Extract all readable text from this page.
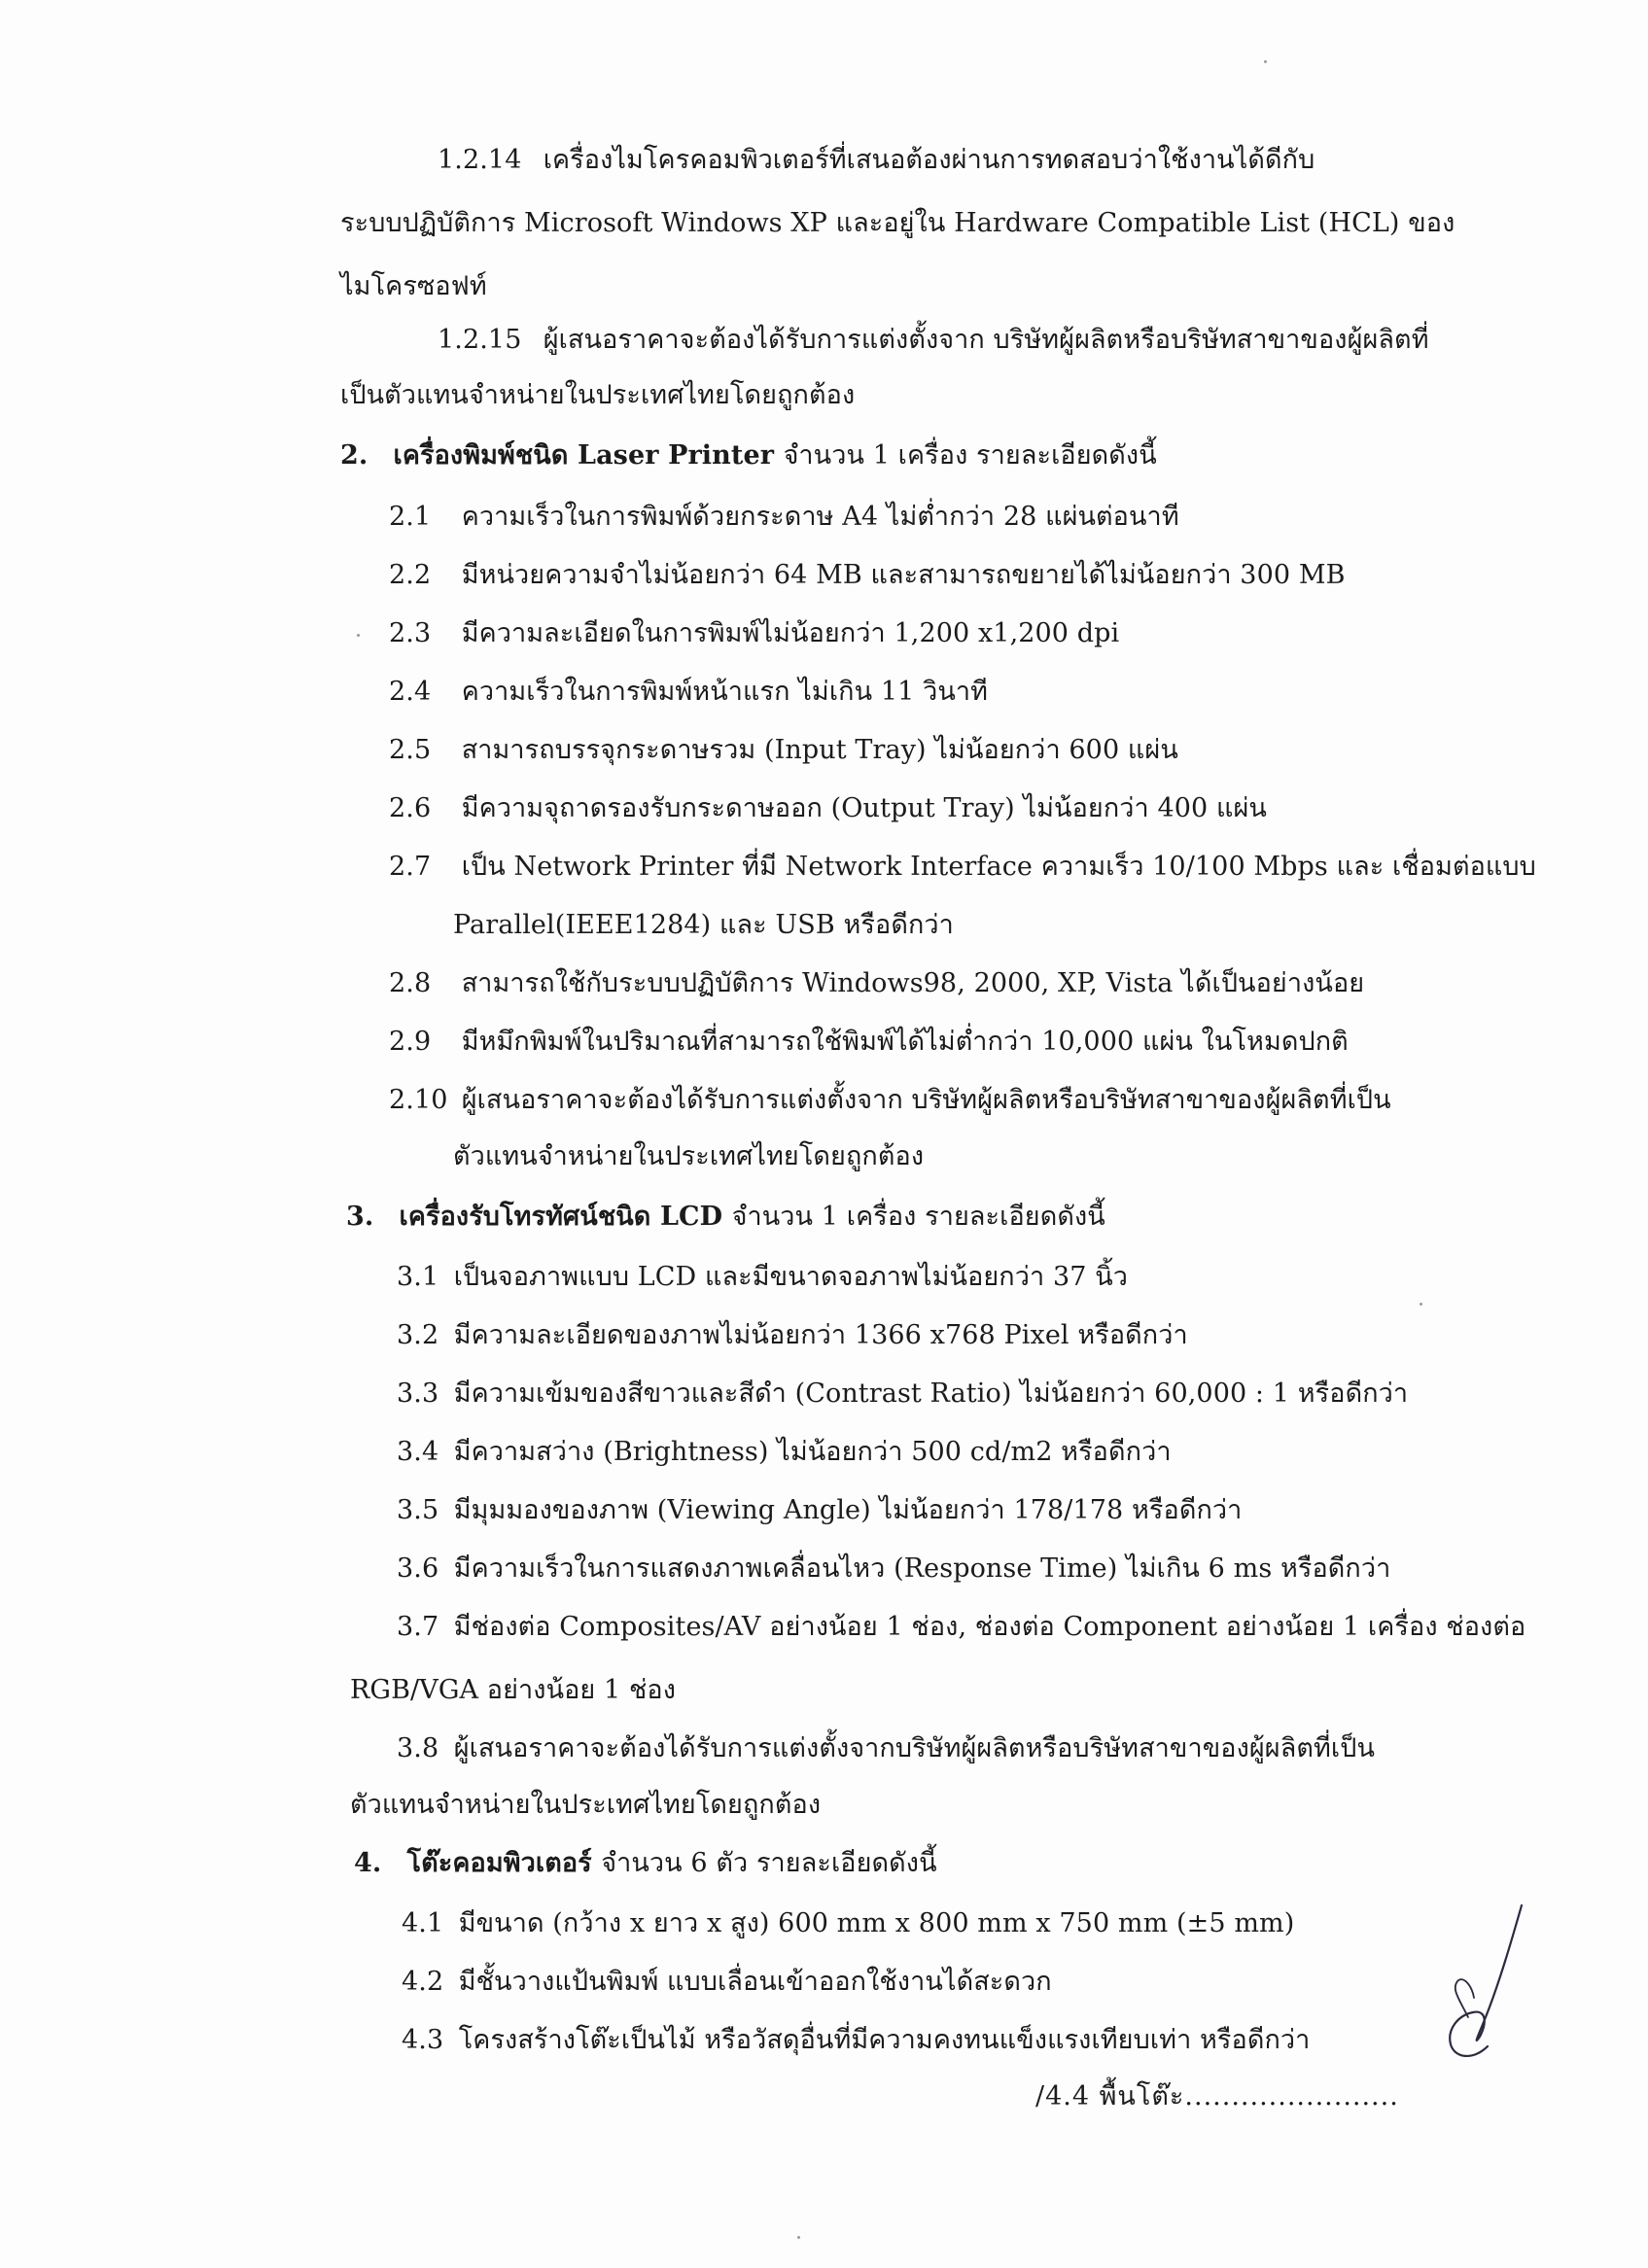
1.2.14 เครื่องไมโครคอมพิวเตอร์ที่เสนอต้องผ่านการทดสอบว่าใช้งานได้ดีกับ
ระบบปฏิบัติการ Microsoft Windows XP และอยู่ใน Hardware Compatible List (HCL) ของ
ไมโครซอฟท์
1.2.15 ผู้เสนอราคาจะต้องได้รับการแต่งตั้งจาก บริษัทผู้ผลิตหรือบริษัทสาขาของผู้ผลิตที่
เป็นตัวแทนจำหน่ายในประเทศไทยโดยถูกต้อง
2. เครื่องพิมพ์ชนิด Laser Printer จำนวน 1 เครื่อง รายละเอียดดังนี้
2.1 ความเร็วในการพิมพ์ด้วยกระดาษ A4 ไม่ต่ำกว่า 28 แผ่นต่อนาที
2.2 มีหน่วยความจำไม่น้อยกว่า 64 MB และสามารถขยายได้ไม่น้อยกว่า 300 MB
2.3 มีความละเอียดในการพิมพ์ไม่น้อยกว่า 1,200 x1,200 dpi
2.4 ความเร็วในการพิมพ์หน้าแรก ไม่เกิน 11 วินาที
2.5 สามารถบรรจุกระดาษรวม (Input Tray) ไม่น้อยกว่า 600 แผ่น
2.6 มีความจุถาดรองรับกระดาษออก (Output Tray) ไม่น้อยกว่า 400 แผ่น
2.7 เป็น Network Printer ที่มี Network Interface ความเร็ว 10/100 Mbps และ เชื่อมต่อแบบ
Parallel(IEEE1284) และ USB หรือดีกว่า
2.8 สามารถใช้กับระบบปฏิบัติการ Windows98, 2000, XP, Vista ได้เป็นอย่างน้อย
2.9 มีหมึกพิมพ์ในปริมาณที่สามารถใช้พิมพ์ได้ไม่ต่ำกว่า 10,000 แผ่น ในโหมดปกติ
2.10 ผู้เสนอราคาจะต้องได้รับการแต่งตั้งจาก บริษัทผู้ผลิตหรือบริษัทสาขาของผู้ผลิตที่เป็น
ตัวแทนจำหน่ายในประเทศไทยโดยถูกต้อง
3. เครื่องรับโทรทัศน์ชนิด LCD จำนวน 1 เครื่อง รายละเอียดดังนี้
3.1 เป็นจอภาพแบบ LCD และมีขนาดจอภาพไม่น้อยกว่า 37 นิ้ว
3.2 มีความละเอียดของภาพไม่น้อยกว่า 1366 x768 Pixel หรือดีกว่า
3.3 มีความเข้มของสีขาวและสีดำ (Contrast Ratio) ไม่น้อยกว่า 60,000 : 1 หรือดีกว่า
3.4 มีความสว่าง (Brightness) ไม่น้อยกว่า 500 cd/m2 หรือดีกว่า
3.5 มีมุมมองของภาพ (Viewing Angle) ไม่น้อยกว่า 178/178 หรือดีกว่า
3.6 มีความเร็วในการแสดงภาพเคลื่อนไหว (Response Time) ไม่เกิน 6 ms หรือดีกว่า
3.7 มีช่องต่อ Composites/AV อย่างน้อย 1 ช่อง, ช่องต่อ Component อย่างน้อย 1 เครื่อง ช่องต่อ
RGB/VGA อย่างน้อย 1 ช่อง
3.8 ผู้เสนอราคาจะต้องได้รับการแต่งตั้งจากบริษัทผู้ผลิตหรือบริษัทสาขาของผู้ผลิตที่เป็น
ตัวแทนจำหน่ายในประเทศไทยโดยถูกต้อง
4. โต๊ะคอมพิวเตอร์ จำนวน 6 ตัว รายละเอียดดังนี้
4.1 มีขนาด (กว้าง x ยาว x สูง) 600 mm x 800 mm x 750 mm (±5 mm)
4.2 มีชั้นวางแป้นพิมพ์ แบบเลื่อนเข้าออกใช้งานได้สะดวก
4.3 โครงสร้างโต๊ะเป็นไม้ หรือวัสดุอื่นที่มีความคงทนแข็งแรงเทียบเท่า หรือดีกว่า
/4.4 พื้นโต๊ะ.......................
